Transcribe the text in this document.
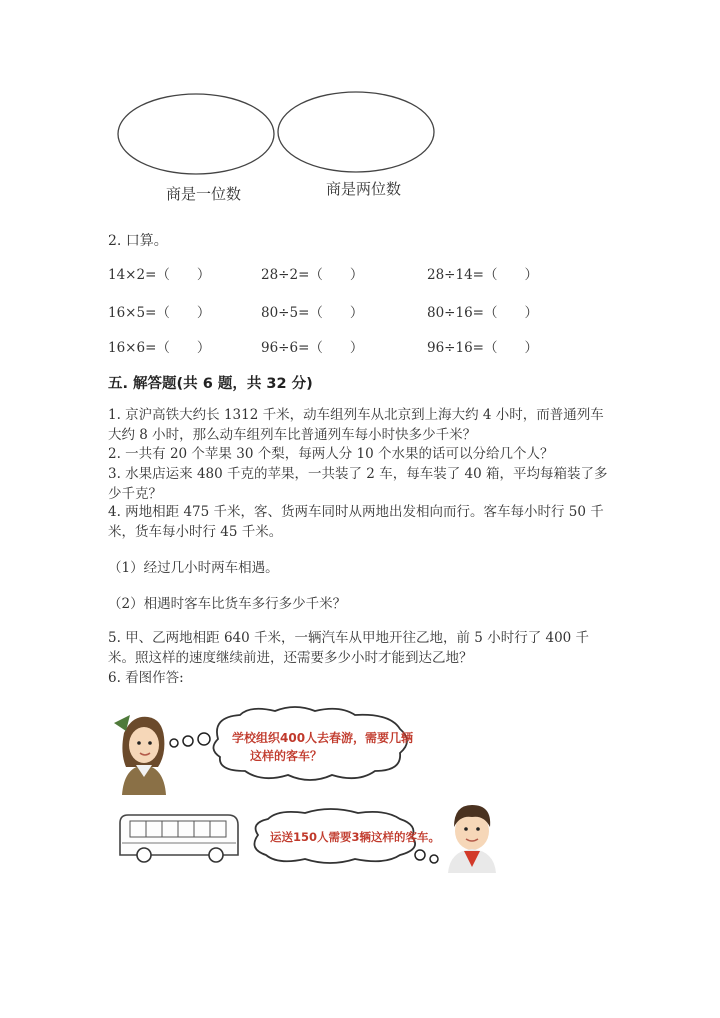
商是一位数	商是两位数
2. 口算。
14×2=（　　）	28÷2=（　　）	28÷14=（　　）
16×5=（　　）	80÷5=（　　）	80÷16=（　　）
16×6=（　　）	96÷6=（　　）	96÷16=（　　）
五. 解答题(共 6 题，共 32 分)
1. 京沪高铁大约长 1312 千米，动车组列车从北京到上海大约 4 小时，而普通列车大约 8 小时，那么动车组列车比普通列车每小时快多少千米？
2. 一共有 20 个苹果 30 个梨，每两人分 10 个水果的话可以分给几个人？
3. 水果店运来 480 千克的苹果，一共装了 2 车，每车装了 40 箱，平均每箱装了多少千克？
4. 两地相距 475 千米，客、货两车同时从两地出发相向而行。客车每小时行 50 千米，货车每小时行 45 千米。
（1）经过几小时两车相遇。
（2）相遇时客车比货车多行多少千米？
5. 甲、乙两地相距 640 千米，一辆汽车从甲地开往乙地，前 5 小时行了 400 千米。照这样的速度继续前进，还需要多少小时才能到达乙地？
6. 看图作答:
学校组织400人去春游，需要几辆
这样的客车？
运送150人需要3辆这样的客车。
